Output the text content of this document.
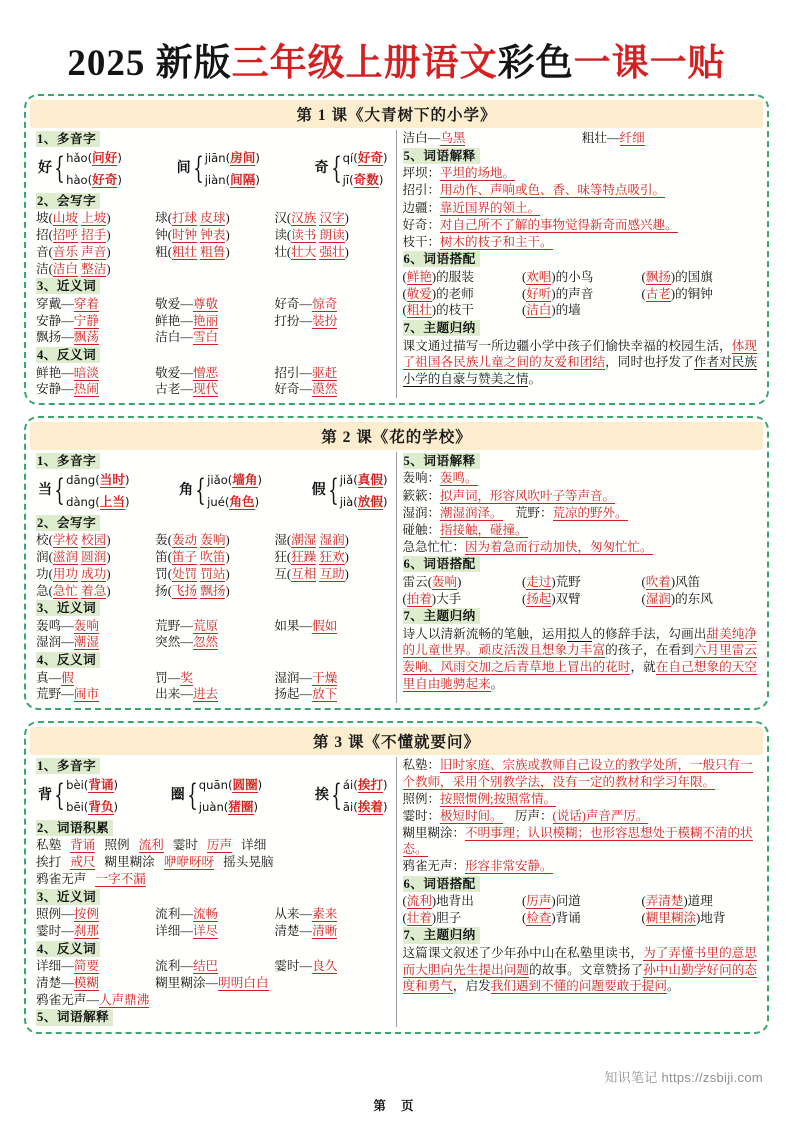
2025 新版三年级上册语文彩色一课一贴
第 1 课《大青树下的小学》
1、多音字
好 { hǎo(问好)
hào(好奇)
间 { jiān(房间)
jiàn(间隔)
奇 { qí(好奇)
jī(奇数)
2、会写字
坡(山坡 上坡)	球(打球 皮球)	汉(汉族 汉字)
招(招呼 招手)	钟(时钟 钟表)	读(读书 朗读)
音(音乐 声音)	粗(粗壮 粗鲁)	壮(壮大 强壮)
洁(洁白 整洁)
3、近义词
穿戴—穿着	敬爱—尊敬	好奇—惊奇
安静—宁静	鲜艳—艳丽	打扮—装扮
飘扬—飘荡	洁白—雪白
4、反义词
鲜艳—暗淡	敬爱—憎恶	招引—驱赶
安静—热闹	古老—现代	好奇—漠然
洁白—乌黑	粗壮—纤细
5、词语解释
坪坝：平坦的场地。
招引：用动作、声响或色、香、味等特点吸引。
边疆：靠近国界的领土。
好奇：对自己所不了解的事物觉得新奇而感兴趣。
枝干：树木的枝子和主干。
6、词语搭配
(鲜艳)的服装	(欢唱)的小鸟	(飘扬)的国旗
(敬爱)的老师	(好听)的声音	(古老)的铜钟
(粗壮)的枝干	(洁白)的墙
7、主题归纳
课文通过描写一所边疆小学中孩子们愉快幸福的校园生活，体现了祖国各民族儿童之间的友爱和团结，同时也抒发了作者对民族小学的自豪与赞美之情。
第 2 课《花的学校》
1、多音字
当 { dāng(当时)
dàng(上当)
角 { jiǎo(墙角)
jué(角色)
假 { jiǎ(真假)
jià(放假)
2、会写字
校(学校 校园)	轰(轰动 轰响)	湿(潮湿 湿润)
润(滋润 圆润)	笛(笛子 吹笛)	狂(狂躁 狂欢)
功(用功 成功)	罚(处罚 罚站)	互(互相 互助)
急(急忙 着急)	扬(飞扬 飘扬)
3、近义词
轰鸣—轰响	荒野—荒原	如果—假如
湿润—潮湿	突然—忽然
4、反义词
真—假	罚—奖	湿润—干燥
荒野—闹市	出来—进去	扬起—放下
5、词语解释
轰响：轰鸣。
簌簌：拟声词，形容风吹叶子等声音。
湿润：潮湿润泽。 荒野：荒凉的野外。
碰触：指接触，碰撞。
急急忙忙：因为着急而行动加快，匆匆忙忙。
6、词语搭配
雷云(轰响)	(走过)荒野	(吹着)风笛
(拍着)大手	(扬起)双臂	(湿润)的东风
7、主题归纳
诗人以清新流畅的笔触，运用拟人的修辞手法，勾画出甜美纯净的儿童世界。顽皮活泼且想象力丰富的孩子，在看到六月里雷云轰响、风雨交加之后青草地上冒出的花时，就在自己想象的天空里自由驰骋起来。
第 3 课《不懂就要问》
1、多音字
背 { bèi(背诵)
bēi(背负)
圈 { quān(圆圈)
juàn(猪圈)
挨 { ái(挨打)
āi(挨着)
2、词语积累
私塾 背诵 照例 流利 霎时 厉声 详细
挨打 戒尺 糊里糊涂 咿咿呀呀 摇头晃脑
鸦雀无声 一字不漏
3、近义词
照例—按例	流利—流畅	从来—素来
霎时—刹那	详细—详尽	清楚—清晰
4、反义词
详细—简要	流利—结巴	霎时—良久
清楚—模糊	糊里糊涂—明明白白
鸦雀无声—人声鼎沸
5、词语解释
私塾：旧时家庭、宗族或教师自己设立的教学处所，一般只有一个教师，采用个别教学法，没有一定的教材和学习年限。
照例：按照惯例;按照常情。
霎时：极短时间。 厉声：(说话)声音严厉。
糊里糊涂：不明事理；认识模糊；也形容思想处于模糊不清的状态。
鸦雀无声：形容非常安静。
6、词语搭配
(流利)地背出	(厉声)问道	(弄清楚)道理
(壮着)胆子	(检查)背诵	(糊里糊涂)地背
7、主题归纳
这篇课文叙述了少年孙中山在私塾里读书，为了弄懂书里的意思而大胆向先生提出问题的故事。文章赞扬了孙中山勤学好问的态度和勇气，启发我们遇到不懂的问题要敢于提问。
知识笔记 https://zsbiji.com
第 页
